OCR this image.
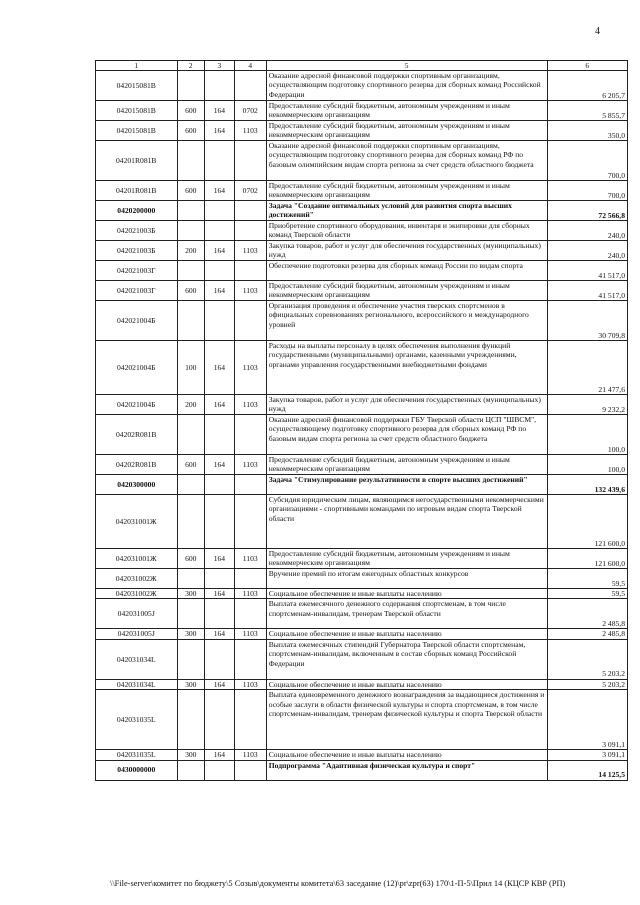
4
1	2	3	4	5	6
042015081В				Оказание адресной финансовой поддержки спортивным организациям, осуществляющим подготовку спортивного резерва для сборных команд Российской Федерации	6 205,7
042015081В	600	164	0702	Предоставление субсидий бюджетным, автономным учреждениям и иным некоммерческим организациям	5 855,7
042015081В	600	164	1103	Предоставление субсидий бюджетным, автономным учреждениям и иным некоммерческим организациям	350,0
04201R081В				Оказание адресной финансовой поддержки спортивным организациям, осуществляющим подготовку спортивного резерва для сборных команд РФ по базовым олимпийским видам спорта регионa за счет средств областного бюджета	700,0
04201R081В	600	164	0702	Предоставление субсидий бюджетным, автономным учреждениям и иным некоммерческим организациям	700,0
0420200000				Задача "Создание оптимальных условий для развития спорта высших достижений"	72 566,8
042021003Б				Приобретение спортивного оборудования, инвентаря и экипировки для сборных команд Тверской области	240,0
042021003Б	200	164	1103	Закупка товаров, работ и услуг для обеспечения государственных (муниципальных) нужд	240,0
042021003Г				Обеспечение подготовки резерва для сборных команд России по видам спорта	41 517,0
042021003Г	600	164	1103	Предоставление субсидий бюджетным, автономным учреждениям и иным некоммерческим организациям	41 517,0
042021004Б				Организация проведения и обеспечение участия тверских спортсменов в официальных соревнованиях регионального, всероссийского и международного уровней	30 709,8
042021004Б	100	164	1103	Расходы на выплаты персоналу в целях обеспечения выполнения функций государственными (муниципальными) органами, казенными учреждениями, органами управления государственными внебюджетными фондами	21 477,6
042021004Б	200	164	1103	Закупка товаров, работ и услуг для обеспечения государственных (муниципальных) нужд	9 232,2
04202R081В				Оказание адресной финансовой поддержки ГБУ Тверской области ЦСП "ШВСМ", осуществляющему подготовку спортивного резерва для сборных команд РФ по базовым видам спорта региона за счет средств областного бюджета	100,0
04202R081В	600	164	1103	Предоставление субсидий бюджетным, автономным учреждениям и иным некоммерческим организациям	100,0
0420300000				Задача "Стимулирование результативности в спорте высших достижений"	132 439,6
042031001Ж				Субсидия юридическим лицам, являющимся негосударственными некоммерческими организациями - спортивными командами по игровым видам спорта Тверской области	121 600,0
042031001Ж	600	164	1103	Предоставление субсидий бюджетным, автономным учреждениям и иным некоммерческим организациям	121 600,0
042031002Ж				Вручение премий по итогам ежегодных областных конкурсов	59,5
042031002Ж	300	164	1103	Социальное обеспечение и иные выплаты населению	59,5
042031005J				Выплата ежемесячного денежного содержания спортсменам, в том числе спортсменам-инвалидам, тренерам Тверской области	2 485,8
042031005J	300	164	1103	Социальное обеспечение и иные выплаты населению	2 485,8
042031034L				Выплата ежемесячных стипендий Губернатора Тверской области спортсменам, спортсменам-инвалидам, включенным в состав сборных команд Российской Федерации	5 203,2
042031034L	300	164	1103	Социальное обеспечение и иные выплаты населению	5 203,2
042031035L				Выплата единовременного денежного вознаграждения за выдающиеся достижения и особые заслуги в области физической культуры и спорта спортсменам, в том числе спортсменам-инвалидам, тренерам физической культуры и спорта Тверской области	3 091,1
042031035L	300	164	1103	Социальное обеспечение и иные выплаты населению	3 091,1
0430000000				Подпрограмма "Адаптивная физическая культура и спорт"	14 125,5
\\File-server\комитет по бюджету\5 Созыв\документы комитета\63 заседание (12)\pr\zpr(63) 170\1-П-5\Прил 14 (КЦСР КВР (РП)
